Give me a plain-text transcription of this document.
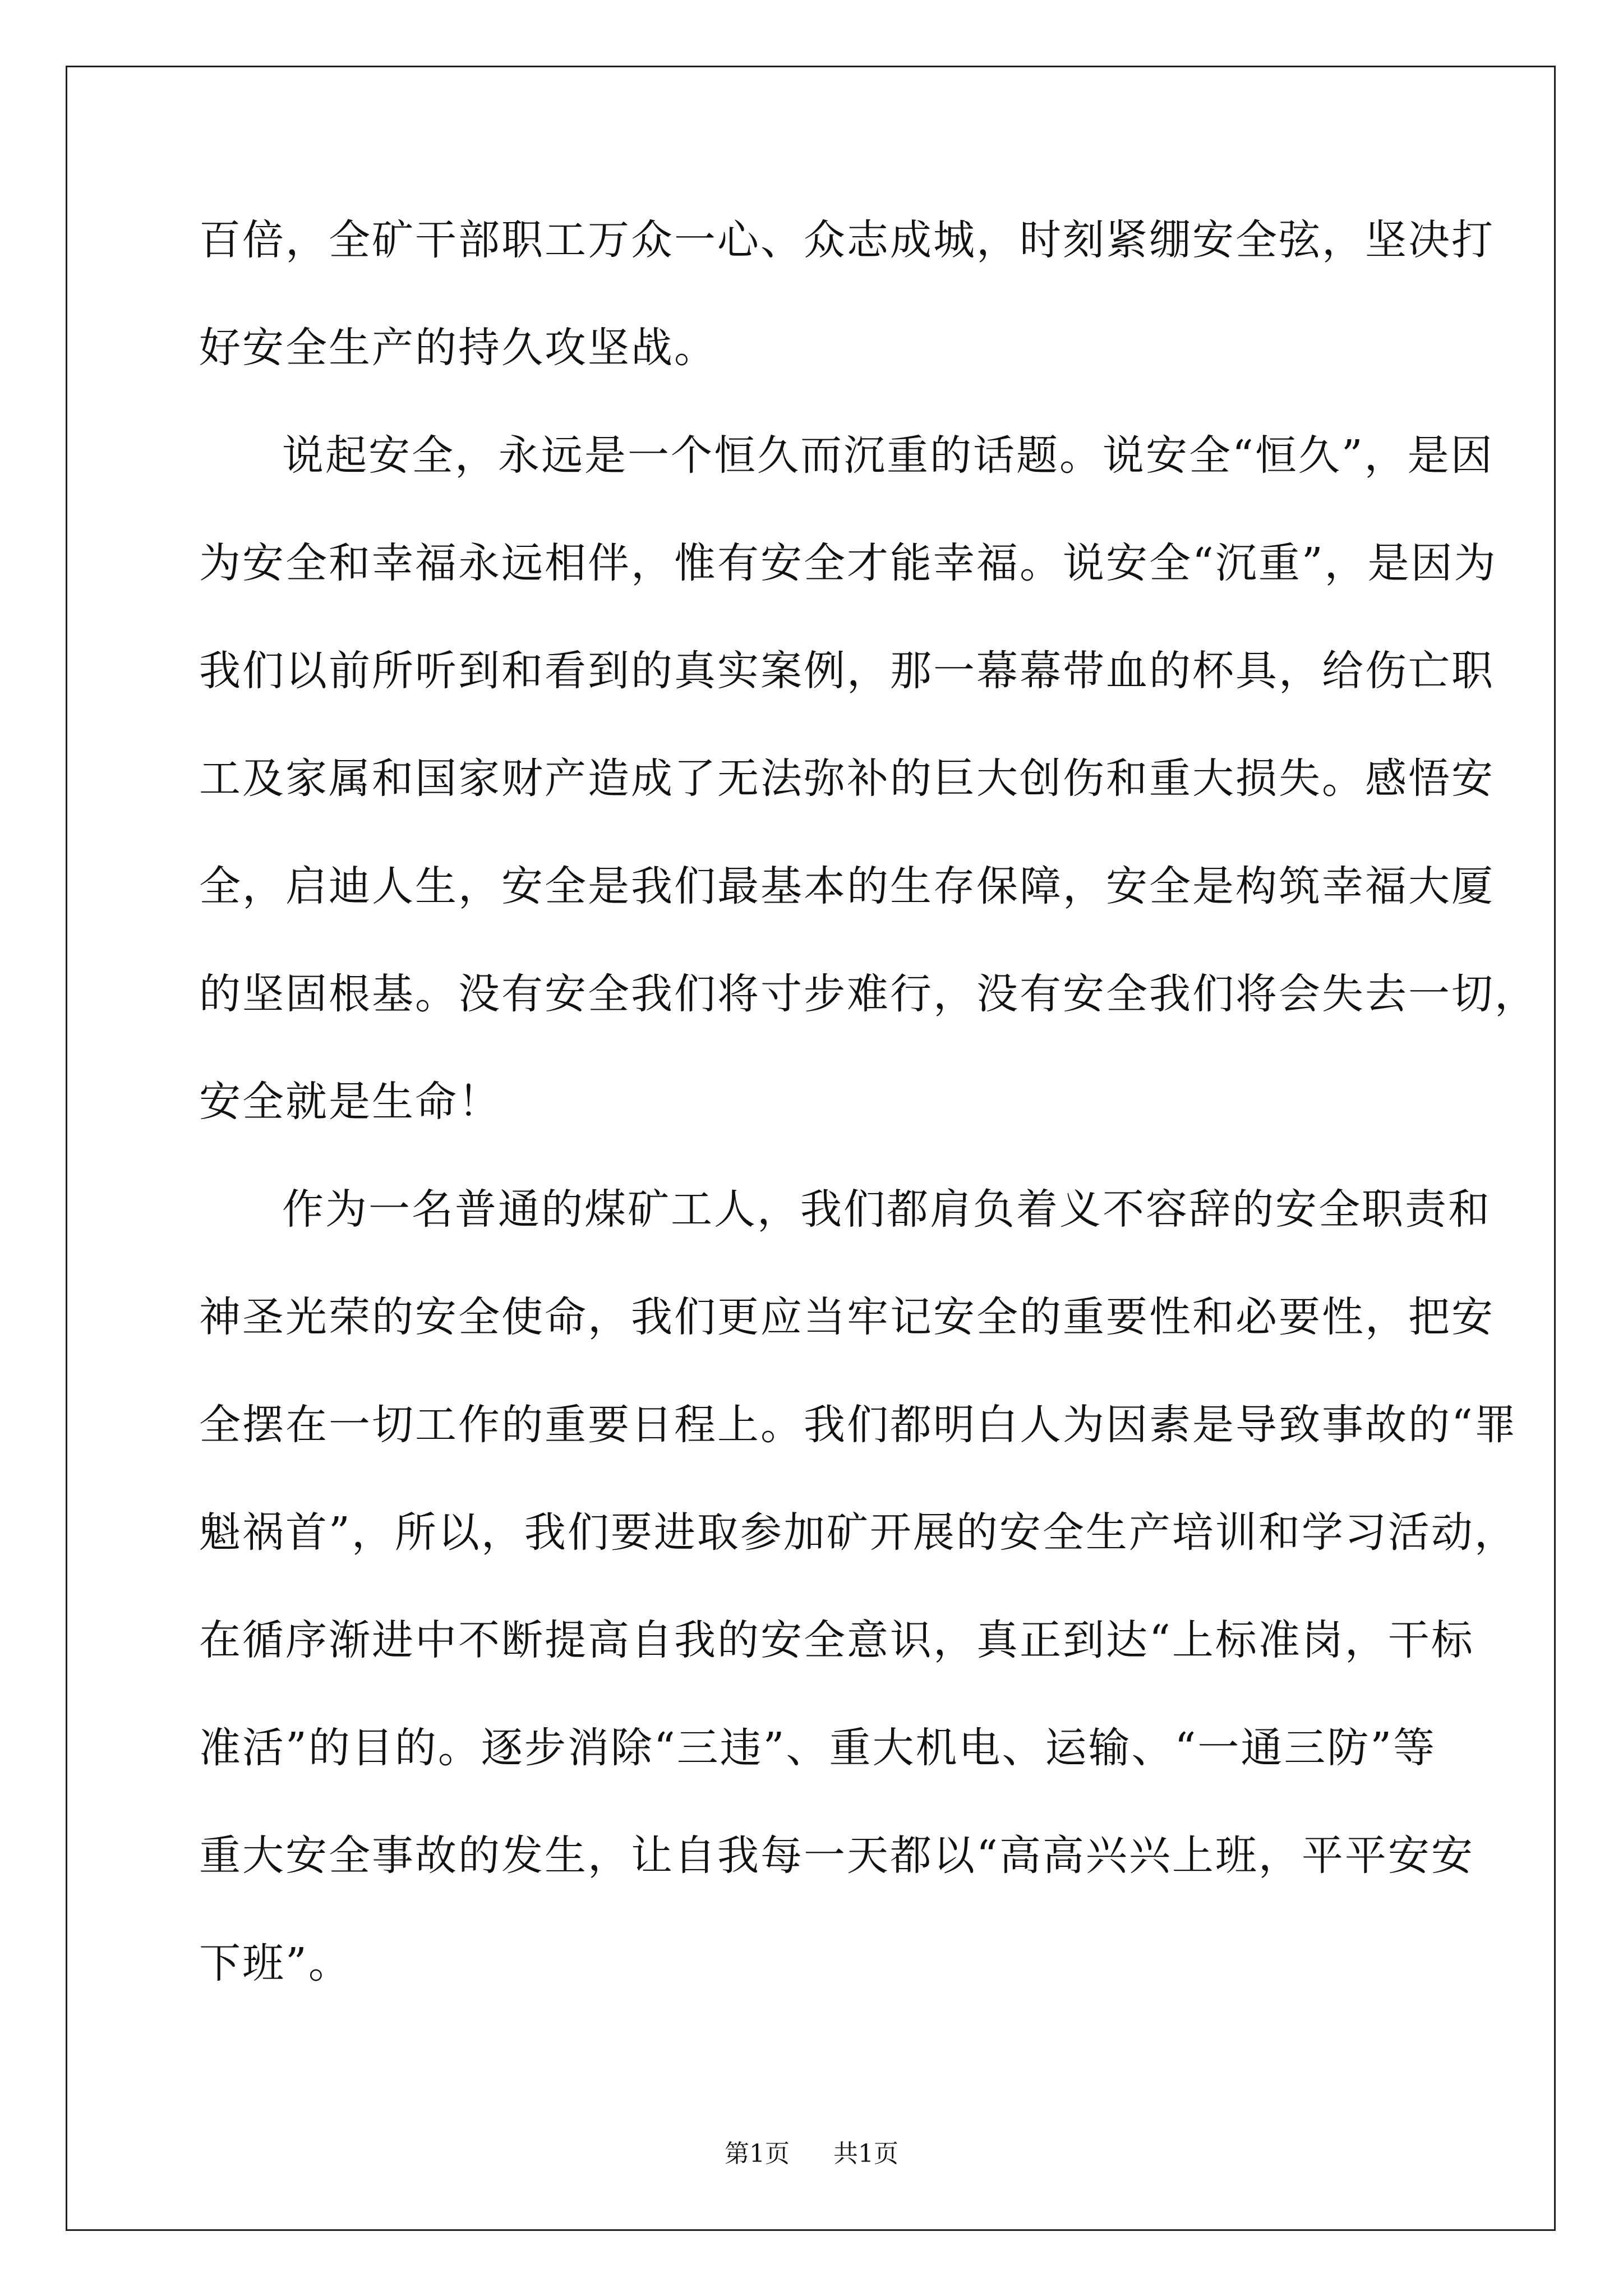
百倍，全矿干部职工万众一心、众志成城，时刻紧绷安全弦，坚决打
好安全生产的持久攻坚战。
说起安全，永远是一个恒久而沉重的话题。说安全“恒久”，是因
为安全和幸福永远相伴，惟有安全才能幸福。说安全“沉重”，是因为
我们以前所听到和看到的真实案例，那一幕幕带血的杯具，给伤亡职
工及家属和国家财产造成了无法弥补的巨大创伤和重大损失。感悟安
全，启迪人生，安全是我们最基本的生存保障，安全是构筑幸福大厦
的坚固根基。没有安全我们将寸步难行，没有安全我们将会失去一切，
安全就是生命！
作为一名普通的煤矿工人，我们都肩负着义不容辞的安全职责和
神圣光荣的安全使命，我们更应当牢记安全的重要性和必要性，把安
全摆在一切工作的重要日程上。我们都明白人为因素是导致事故的“罪
魁祸首”，所以，我们要进取参加矿开展的安全生产培训和学习活动，
在循序渐进中不断提高自我的安全意识，真正到达“上标准岗，干标
准活”的目的。逐步消除“三违”、重大机电、运输、“一通三防”等
重大安全事故的发生，让自我每一天都以“高高兴兴上班，平平安安
下班”。
第1页 共1页
